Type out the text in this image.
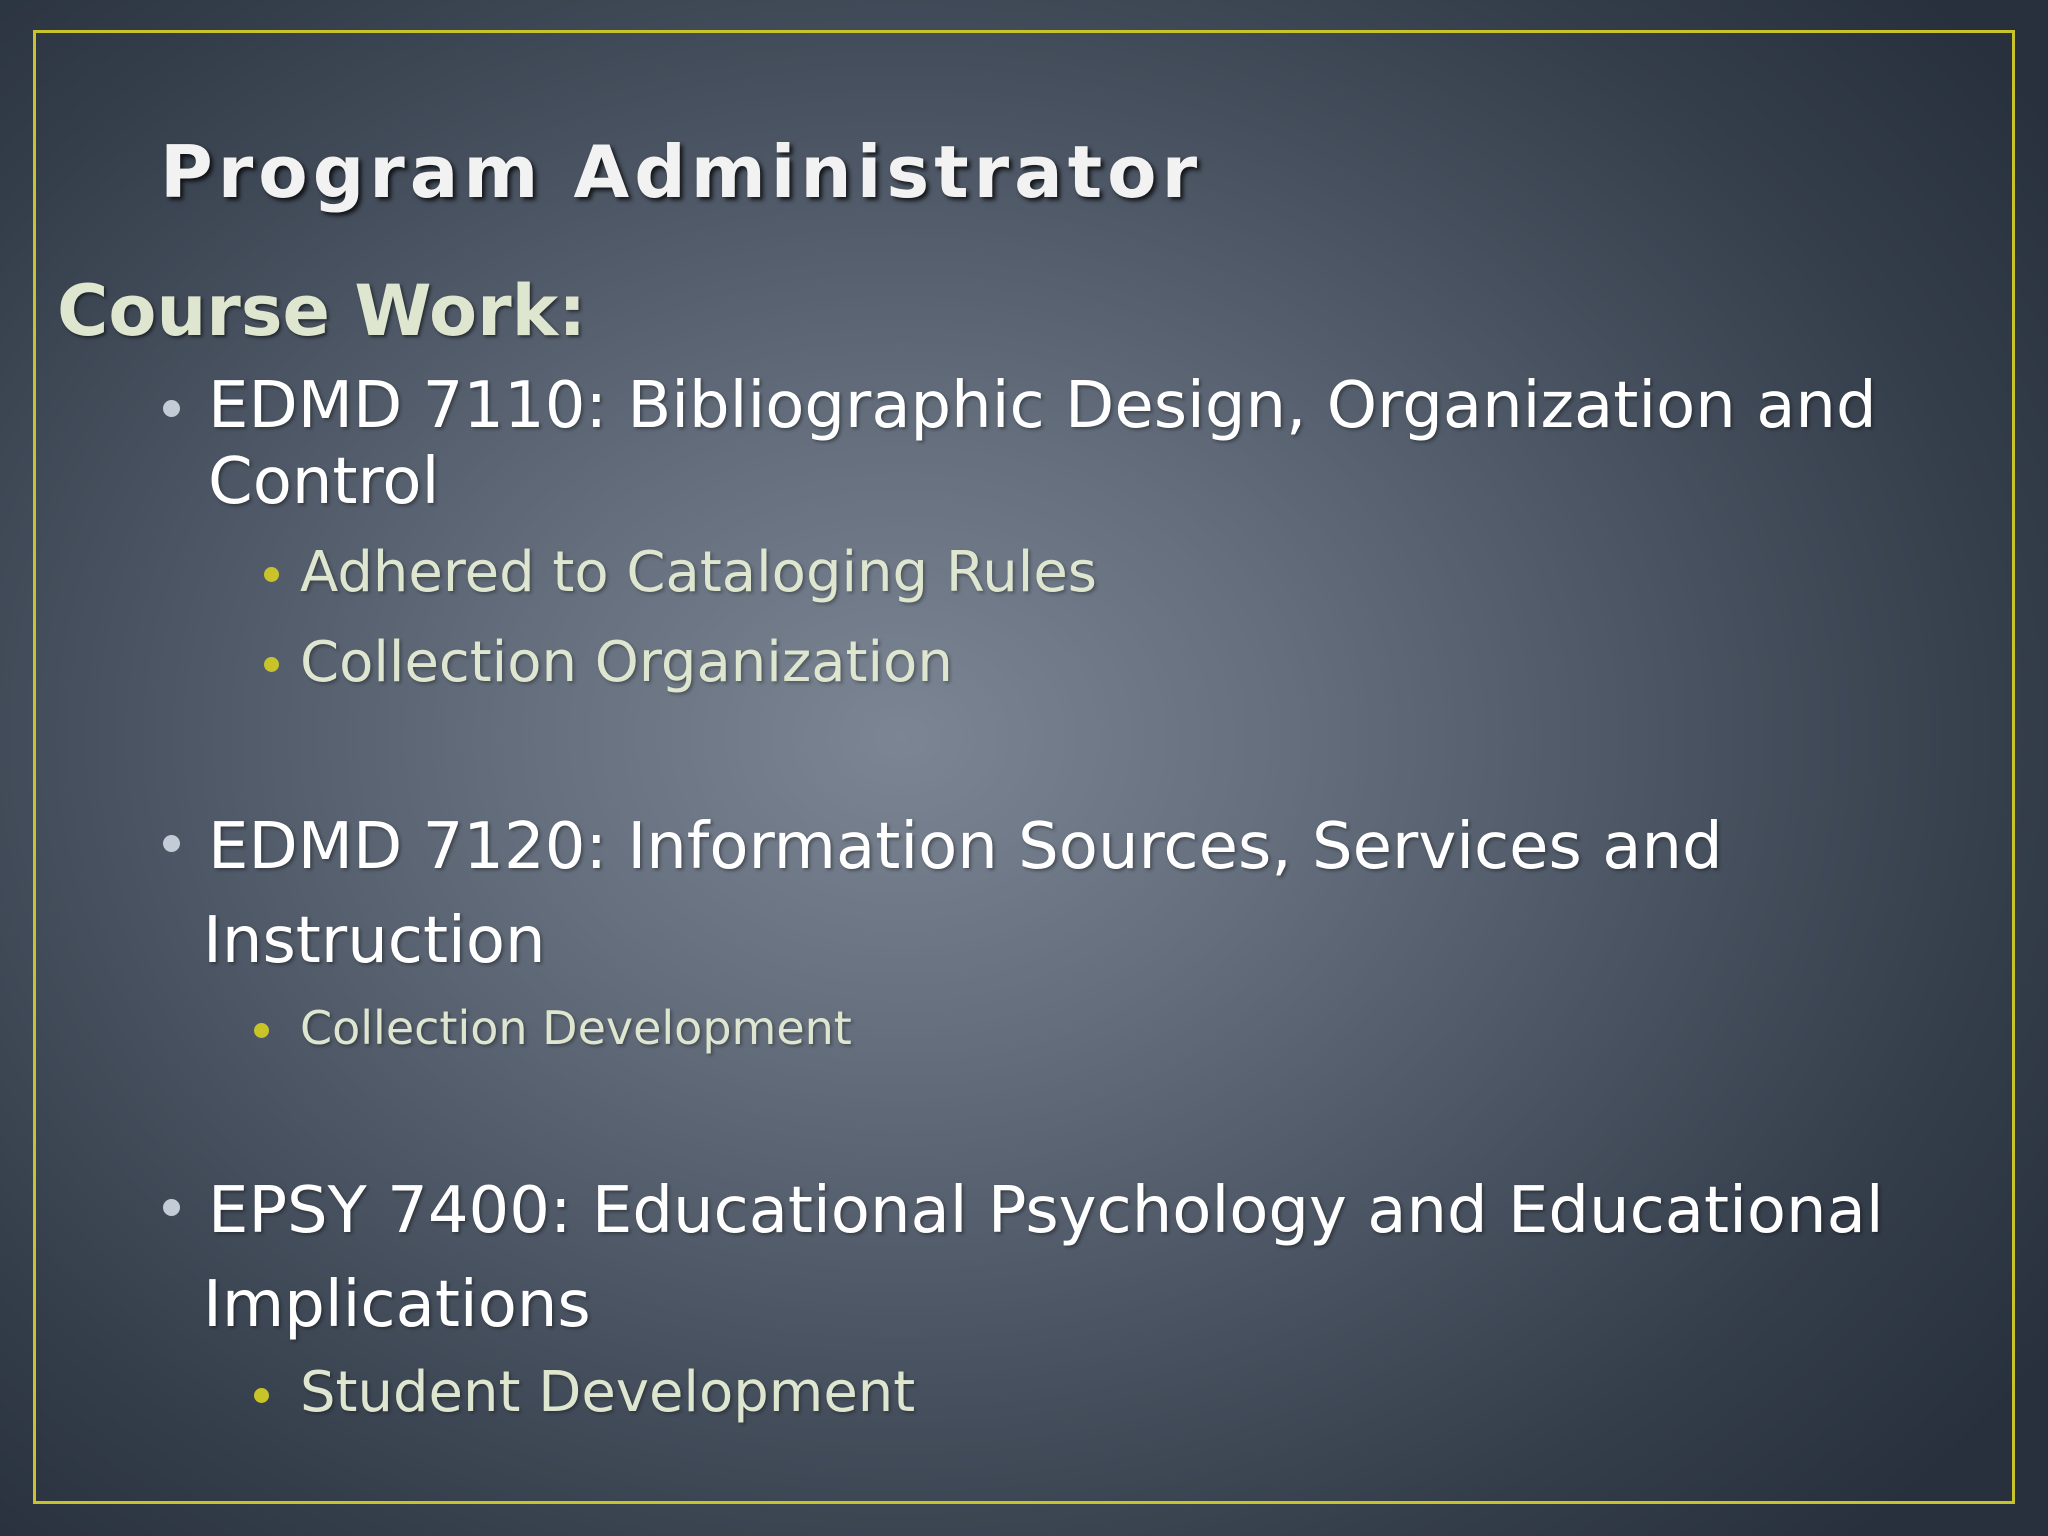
Program Administrator
Course Work:
EDMD 7110: Bibliographic Design, Organization and
Control
Adhered to Cataloging Rules
Collection Organization
EDMD 7120: Information Sources, Services and
Instruction
Collection Development
EPSY 7400: Educational Psychology and Educational
Implications
Student Development
